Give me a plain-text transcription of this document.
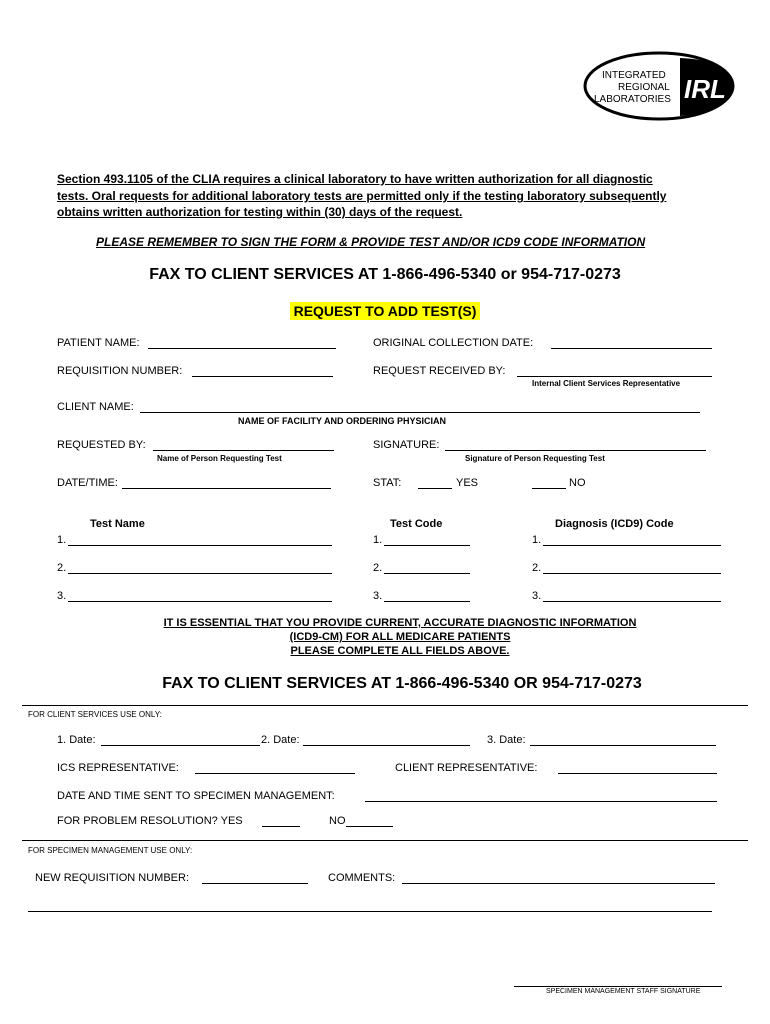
INTEGRATED
REGIONAL
LABORATORIES IRL
Section 493.1105 of the CLIA requires a clinical laboratory to have written authorization for all diagnostic
tests. Oral requests for additional laboratory tests are permitted only if the testing laboratory subsequently
obtains written authorization for testing within (30) days of the request.
PLEASE REMEMBER TO SIGN THE FORM & PROVIDE TEST AND/OR ICD9 CODE INFORMATION
FAX TO CLIENT SERVICES AT 1-866-496-5340 or 954-717-0273
REQUEST TO ADD TEST(S)
PATIENT NAME:	ORIGINAL COLLECTION DATE:
REQUISITION NUMBER:	REQUEST RECEIVED BY:
Internal Client Services Representative
CLIENT NAME:
NAME OF FACILITY AND ORDERING PHYSICIAN
REQUESTED BY:
Name of Person Requesting Test
SIGNATURE:
Signature of Person Requesting Test
DATE/TIME:	STAT:	YES	NO
Test Name	Test Code	Diagnosis (ICD9) Code
1.	1.	1.
2.	2.	2.
3.	3.	3.
IT IS ESSENTIAL THAT YOU PROVIDE CURRENT, ACCURATE DIAGNOSTIC INFORMATION
(ICD9-CM) FOR ALL MEDICARE PATIENTS
PLEASE COMPLETE ALL FIELDS ABOVE.
FAX TO CLIENT SERVICES AT 1-866-496-5340 OR 954-717-0273
FOR CLIENT SERVICES USE ONLY:
1. Date:	2. Date:	3. Date:
ICS REPRESENTATIVE:	CLIENT REPRESENTATIVE:
DATE AND TIME SENT TO SPECIMEN MANAGEMENT:
FOR PROBLEM RESOLUTION? YES	NO
FOR SPECIMEN MANAGEMENT USE ONLY:
NEW REQUISITION NUMBER:	COMMENTS:
SPECIMEN MANAGEMENT STAFF SIGNATURE
